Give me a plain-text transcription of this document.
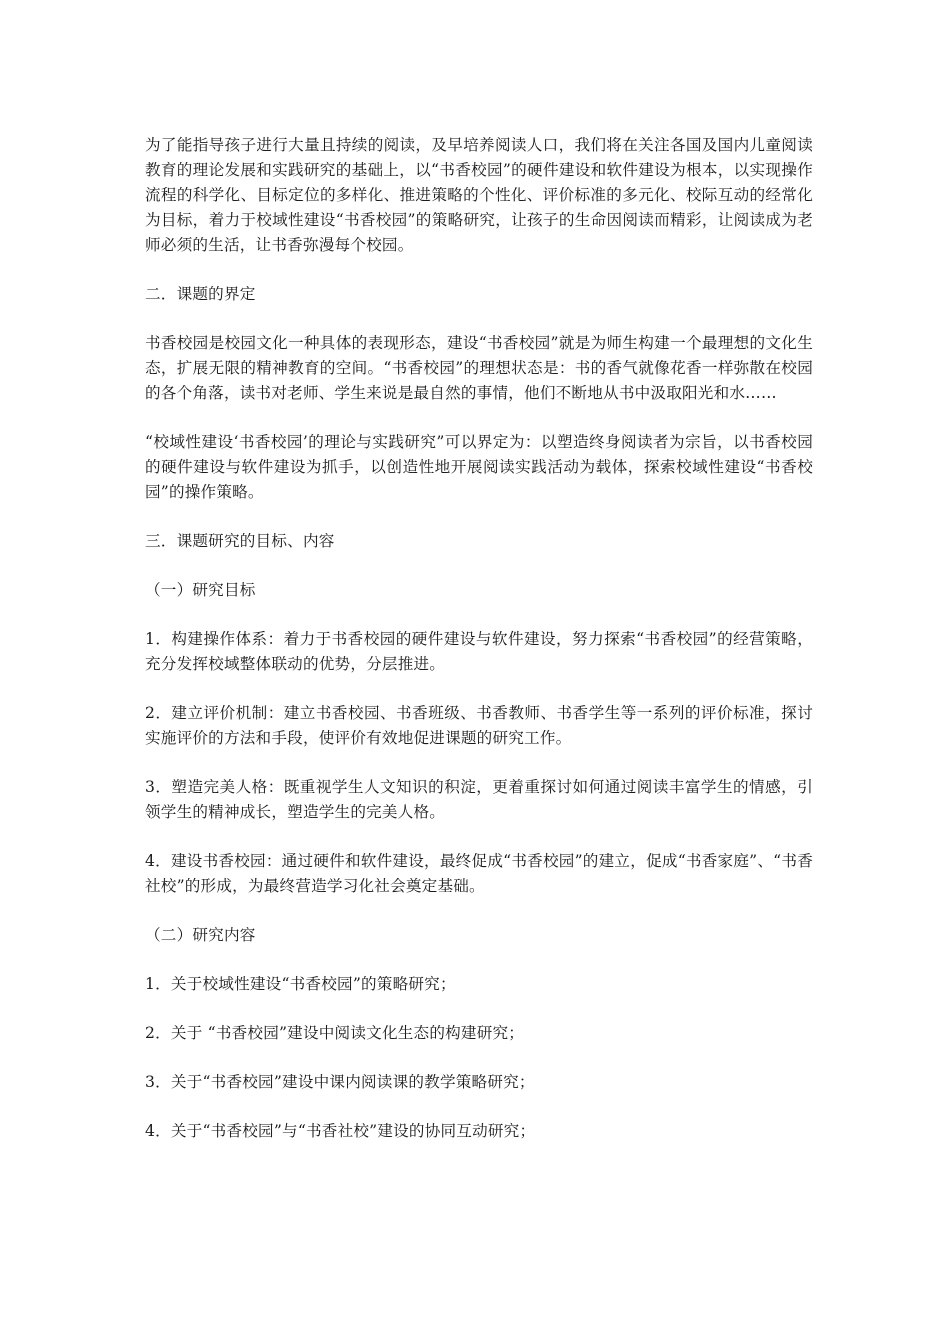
为了能指导孩子进行大量且持续的阅读，及早培养阅读人口，我们将在关注各国及国内儿童阅读教育的理论发展和实践研究的基础上，以“书香校园”的硬件建设和软件建设为根本，以实现操作流程的科学化、目标定位的多样化、推进策略的个性化、评价标准的多元化、校际互动的经常化为目标，着力于校域性建设“书香校园”的策略研究，让孩子的生命因阅读而精彩，让阅读成为老师必须的生活，让书香弥漫每个校园。

二．课题的界定

书香校园是校园文化一种具体的表现形态，建设“书香校园”就是为师生构建一个最理想的文化生态，扩展无限的精神教育的空间。“书香校园”的理想状态是：书的香气就像花香一样弥散在校园的各个角落，读书对老师、学生来说是最自然的事情，他们不断地从书中汲取阳光和水……

“校域性建设‘书香校园’的理论与实践研究”可以界定为：以塑造终身阅读者为宗旨，以书香校园的硬件建设与软件建设为抓手，以创造性地开展阅读实践活动为载体，探索校域性建设“书香校园”的操作策略。

三．课题研究的目标、内容

（一）研究目标

1．构建操作体系：着力于书香校园的硬件建设与软件建设，努力探索“书香校园”的经营策略，充分发挥校域整体联动的优势，分层推进。

2．建立评价机制：建立书香校园、书香班级、书香教师、书香学生等一系列的评价标准，探讨实施评价的方法和手段，使评价有效地促进课题的研究工作。

3．塑造完美人格：既重视学生人文知识的积淀，更着重探讨如何通过阅读丰富学生的情感，引领学生的精神成长，塑造学生的完美人格。

4．建设书香校园：通过硬件和软件建设，最终促成“书香校园”的建立，促成“书香家庭”、“书香社校”的形成，为最终营造学习化社会奠定基础。

（二）研究内容

1．关于校域性建设“书香校园”的策略研究；

2．关于 “书香校园”建设中阅读文化生态的构建研究；

3．关于“书香校园”建设中课内阅读课的教学策略研究；

4．关于“书香校园”与“书香社校”建设的协同互动研究；
